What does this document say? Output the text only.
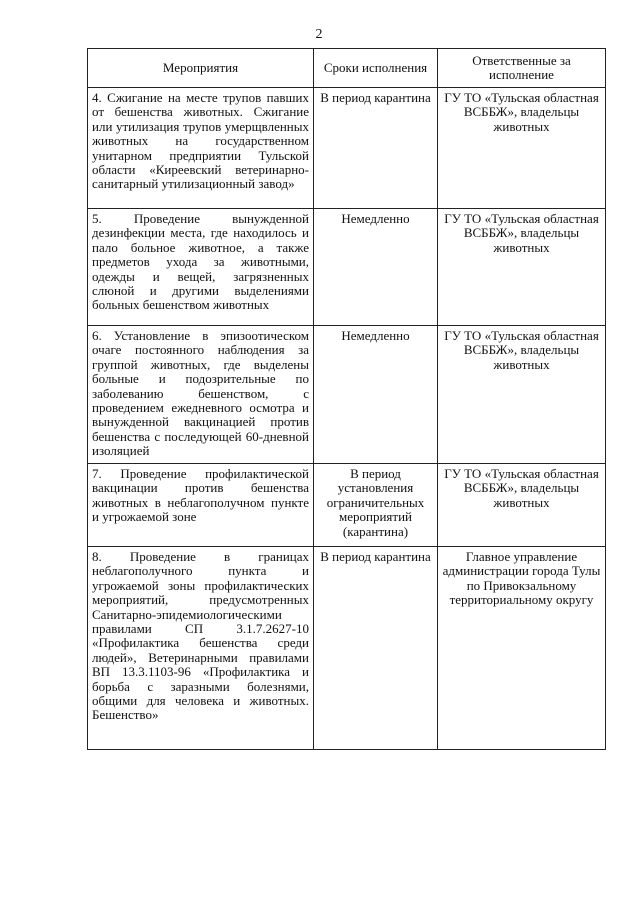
2
Мероприятия	Сроки исполнения	Ответственные за исполнение
4. Сжигание на месте трупов павших от бешенства животных. Сжигание или утилизация трупов умерщвленных животных на государственном унитарном предприятии Тульской области «Киреевский ветеринарно-санитарный утилизационный завод»	В период карантина	ГУ ТО «Тульская областная ВСББЖ», владельцы животных
5. Проведение вынужденной дезинфекции места, где находилось и пало больное животное, а также предметов ухода за животными, одежды и вещей, загрязненных слюной и другими выделениями больных бешенством животных	Немедленно	ГУ ТО «Тульская областная ВСББЖ», владельцы животных
6. Установление в эпизоотическом очаге постоянного наблюдения за группой животных, где выделены больные и подозрительные по заболеванию бешенством, с проведением ежедневного осмотра и вынужденной вакцинацией против бешенства с последующей 60-дневной изоляцией	Немедленно	ГУ ТО «Тульская областная ВСББЖ», владельцы животных
7. Проведение профилактической вакцинации против бешенства животных в неблагополучном пункте и угрожаемой зоне	В период установления ограничительных мероприятий (карантина)	ГУ ТО «Тульская областная ВСББЖ», владельцы животных
8. Проведение в границах неблагополучного пункта и угрожаемой зоны профилактических мероприятий, предусмотренных Санитарно-эпидемиологическими правилами СП 3.1.7.2627-10 «Профилактика бешенства среди людей», Ветеринарными правилами ВП 13.3.1103-96 «Профилактика и борьба с заразными болезнями, общими для человека и животных. Бешенство»	В период карантина	Главное управление администрации города Тулы по Привокзальному территориальному округу
